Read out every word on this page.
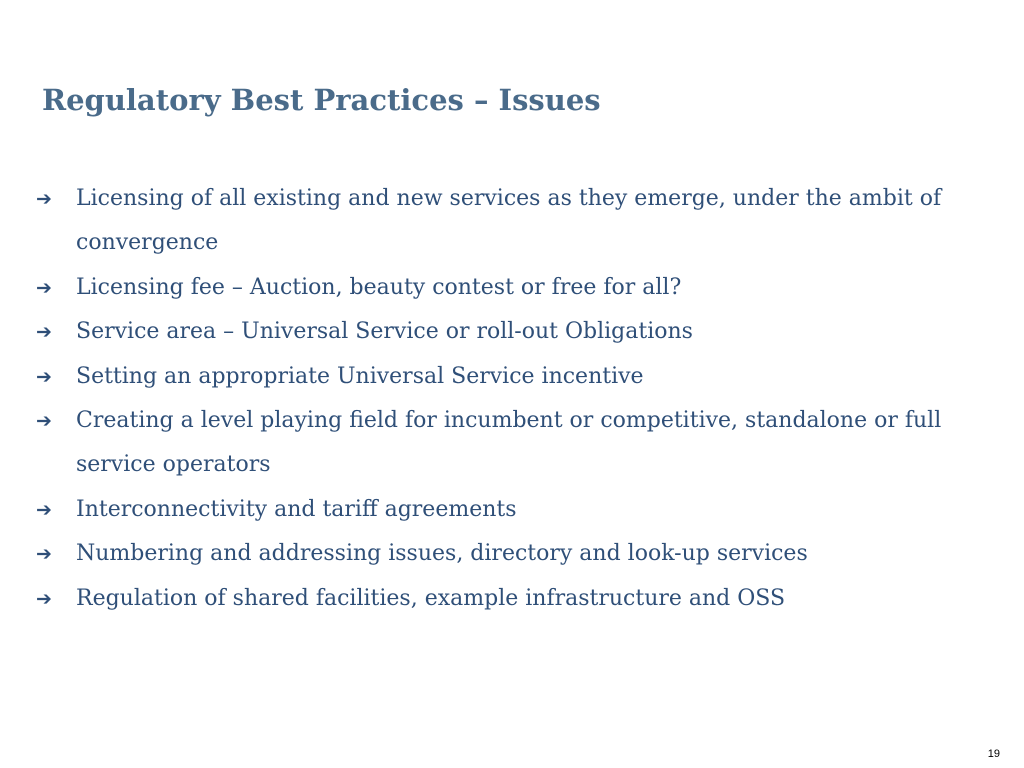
Regulatory Best Practices – Issues
➔	Licensing of all existing and new services as they emerge, under the ambit of convergence
➔	Licensing fee – Auction, beauty contest or free for all?
➔	Service area – Universal Service or roll-out Obligations
➔	Setting an appropriate Universal Service incentive
➔	Creating a level playing field for incumbent or competitive, standalone or full service operators
➔	Interconnectivity and tariff agreements
➔	Numbering and addressing issues, directory and look-up services
➔	Regulation of shared facilities, example infrastructure and OSS
19
